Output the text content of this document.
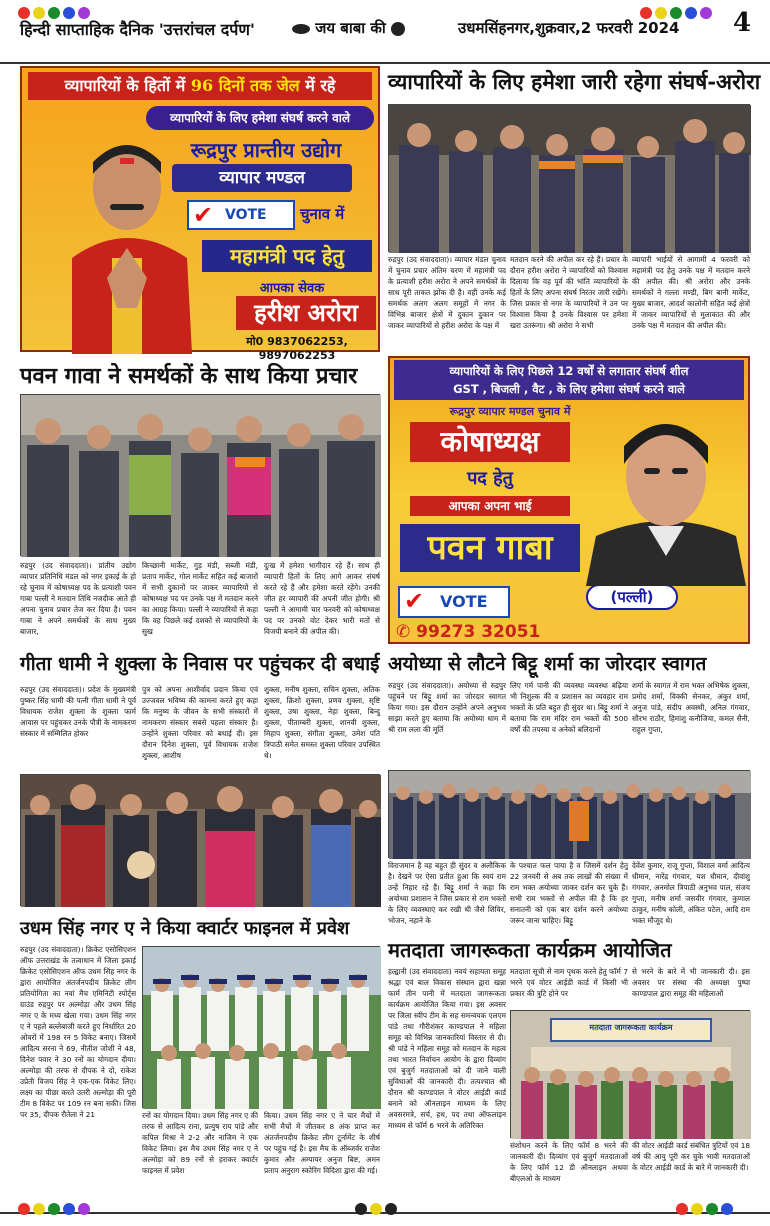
हिन्दी साप्ताहिक दैनिक 'उत्तरांचल दर्पण'	जय बाबा की	उधमसिंहनगर,शुक्रवार,2 फरवरी 2024 4
व्यापारियों के हितों में 96 दिनों तक जेल में रहे
व्यापारियों के लिए हमेशा संघर्ष करने वाले
रूद्रपुर प्रान्तीय उद्योग
व्यापार मण्डल
✔ VOTE	चुनाव में
महामंत्री पद हेतु
आपका सेवक
हरीश अरोरा
मो0 9837062253, 9897062253
व्यापारियों के लिए हमेशा जारी रहेगा संघर्ष-अरोरा
रुद्रपुर (उद संवाददाता)। व्यापार मंडल चुनाव में चुनाव प्रचार अंतिम चरण में महामंत्री पद के प्रत्याशी हरीश अरोरा ने अपने समर्थकों के साथ पूरी ताकत झोंक दी है। वहीं उनके कई समर्थक अलग अलग समूहों में नगर के विभिन्न बाजार क्षेत्रों में दुकान दुकान पर जाकर व्यापारियों से हरीश अरोरा के पक्ष में
मतदान करने की अपील कर रहे हैं। प्रचार के दौरान हरीश अरोरा ने व्यापारियों को विश्वास दिलाया कि वह पूर्व की भांति व्यापारियों के हितों के लिए अपना संघर्ष निरंतर जारी रखेंगे। जिस प्रकार से नगर के व्यापारियों ने उन पर विश्वास किया है उनके विश्वास पर हमेशा खरा उतरूंगा। श्री अरोरा ने सभी
व्यापारी भाईयों से आगामी 4 फरवरी को महामंत्री पद हेतु उनके पक्ष में मतदान करने की अपील की। श्री अरोरा और उनके समर्थकों ने गल्ला मण्डी, बिग बानी मार्केट, मुख्य बाजार, आदर्श कालोनी सहित कई क्षेत्रों में जाकर व्यापारियों से मुलाकात की और उनके पक्ष में मतदान की अपील की।
पवन गावा ने समर्थकों के साथ किया प्रचार
रुद्रपुर (उद संवाददाता)। प्रांतीय उद्योग व्यापार प्रतिनिधि मंडल को नगर इकाई के हो रहे चुनाव में कोषाध्यक्ष पद के प्रत्याशी पवन गाबा पल्ली ने मतदान तिथि नजदीक आते ही अपना चुनाव प्रचार तेज कर दिया है। पवन गाबा ने अपने समर्थकों के साथ मुख्य बाजार,
किच्छानी मार्केट, गुड़ मंडी, सब्जी मंडी, प्रताप मार्केट, गोल मार्केट सहित कई बाजारों में सभी दुकानों पर जाकर व्यापारियों से कोषाध्यक्ष पद पर उनके पक्ष में मतदान करने का आग्रह किया। पल्ली ने व्यापारियों से कहा कि वह पिछले कई दशकों से व्यापारियों के सुख
दुःख में हमेशा भागीदार रहे हैं। साथ ही व्यापारी हितों के लिए आगे आकर संघर्ष करते रहे हैं और हमेशा करते रहेंगे। उनकी जीत हर व्यापारी की अपनी जीत होगी। श्री पल्ली ने आगामी चार फरवरी को कोषाध्यक्ष पद पर उनको वोट देकर भारी मतों से विजयी बनाने की अपील की।
व्यापारियों के लिए पिछले 12 वर्षों से लगातार संघर्ष शील
GST , बिजली , वैट , के लिए हमेशा संघर्ष करने वाले
रूद्रपुर व्यापार मण्डल चुनाव में
कोषाध्यक्ष
पद हेतु
आपका अपना भाई
पवन गाबा
✔ VOTE	(पल्ली)
✆ 99273 32051
गीता धामी ने शुक्ला के निवास पर पहुंचकर दी बधाई
रुद्रपुर (उद संवाददाता)। प्रदेश के मुख्यमंत्री पुष्कर सिंह धामी की पत्नी गीता धामी ने पूर्व विधायक राजेश शुक्ला के शुक्ला फार्म आवास पर पहुंचकर उनके पौत्री के नामकरण संस्कार में सम्मिलित होकर
पुत्र को अपना आशीर्वाद प्रदान किया एवं उज्जवल भविष्य की कामना करते हुए कहा कि मनुष्य के जीवन के सभी संस्कारों में नामकरण संस्कार सबसे पहला संस्कार है। उन्होंने शुक्ला परिवार को बधाई दी। इस दौरान दिनेश शुक्ला, पूर्व विधायक राजेश शुक्ला, आशीष
शुक्ला, मनीष शुक्ला, सचिन शुक्ला, अतिक शुक्ला, क्रिशो शुक्ला, प्रणव शुक्ला, सृष्टि शुक्ला, उषा शुक्ला, नेहा शुक्ला, बिन्दु शुक्ला, पीताम्बरी शुक्ला, शानवी शुक्ला, मिहाप शुक्ला, संगीता शुक्ला, उमेश पति त्रिपाठी समेत समस्त शुक्ला परिवार उपस्थित थे।
अयोध्या से लौटने बिट्टू शर्मा का जोरदार स्वागत
रुद्रपुर (उद संवाददाता)। अयोध्या से रुद्रपुर पहुंचने पर बिट्टू शर्मा का जोरदार स्वागत किया गया। इस दौरान उन्होंने अपने अनुभव साझा करते हुए बताया कि अयोध्या धाम में श्री राम लला की मूर्ति
लिए गर्म पानी की व्यवस्था व्यवस्था बढ़िया भी निशुल्क की व प्रशासन का व्यवहार राम भक्तों के प्रति बहुत ही सुंदर था। बिट्टू शर्मा ने बताया कि राम मंदिर राम भक्तों की 500 वर्षों की तपस्या व अनेकों बलिदानों
शर्मा के स्वागत में राम भक्त अभिषेक शुक्ला, प्रमोद शर्मा, विक्की सेनकर, अंकुर शर्मा, अनुज पांडे, संदीप अवस्थी, अनिल गंगवार, सौरभ राठौर, हिमांशु कनौजिया, कमल सैनी, राहुल गुप्ता,
विराजमान है वह बहुत ही सुंदर व अलौकिक है। देखने पर ऐसा प्रतीत हुआ कि स्वयं राम उन्हें निहार रहे हैं। बिट्टू शर्मा ने कहा कि अयोध्या प्रशासन ने जिस प्रकार से राम भक्तों के लिए व्यवस्थाएं कर रखी थी जैसे शिविर, भोजन, नहाने के
के पश्चात फल पाया है व जिसमें दर्शन हेतु 22 जनवरी से अब तक लाखों की संख्या में राम भक्त अयोध्या जाकर दर्शन कर चुके हैं। सभी राम भक्तों से अपील की है कि हर सनातनी को एक बार दर्शन करने अयोध्या जरूर जाना चाहिए। बिट्टू
देवेंश कुमार, राजू गुप्ता, विशाल वर्मा आदित्य धीमान, नारेंद्र गंगवार, यश धीमान, दीवांशु गंगवार, अनमोल त्रिपाठी अनुभव पाल, संजय गुप्ता, मनीष शर्मा जसवीर गंगवार, कुणाल ठाकुर, मनीष कोली, अंकित पटेल, आदि राम भक्त मौजूद थे।
उधम सिंह नगर ए ने किया क्वार्टर फाइनल में प्रवेश
रुद्रपुर (उद संवाददाता)। क्रिकेट एसोसिएशन ऑफ उत्तराखंड के तत्वाधान में जिला इकाई क्रिकेट एसोसिएशन ऑफ उधम सिंह नगर के द्वारा आयोजित अंतर्जनपदीय क्रिकेट लीग प्रतियोगिता का नवां मैच एमिनिटी स्पोर्ट्स ग्राउंड रुद्रपुर पर अल्मोड़ा और उधम सिंह नगर ए के मध्य खेला गया। उधम सिंह नगर ए ने पहले बल्लेबाजी करते हुए निर्धारित 20 ओवरों में 198 रन 5 विकेट बनाए। जिसमें आदित्य सरना ने 69, नीतीश जोशी ने 48, दिनेश पवार ने 30 रनों का योगदान दीया। अल्मोड़ा की तरफ से दीपक ने दो, राकेश उप्रेती विजय सिंह ने एक-एक विकेट लिए। लक्ष्य का पीछा करते उतरी अल्मोड़ा की पूरी टीम 8 विकेट पर 109 रन बना सकी। जिस पर 35, दीपक रौतेला ने 21	रनों का योगदान दिया। उधम सिंह नगर ए की तरफ से आदित्य राना, प्रत्युष राय पांडे और कपिल मिश्रा ने 2-2 और नाजिम ने एक विकेट लिया। इस मैच उधम सिंह नगर ए ने अल्मोड़ा को 89 रनों से हराकर क्वार्टर फाइनल में प्रवेश
किया। उधम सिंह नगर ए ने चार मैचों में सभी मैचों में जीतकर 8 अंक प्राप्त कर अंतर्जनपदीय क्रिकेट लीग टूर्नामेंट के शीर्ष पर पहुंच गई है। इस मैच के ऑब्जर्वर राजेश कुमार और अम्पायर अनुज बिष्ट, अमन प्रताप अनुराग स्कोरिंग विदिशा द्वारा की गई।
मतदाता जागरूकता कार्यक्रम आयोजित
हल्द्वानी (उद संवाददाता) नवयं सहायता समूह श्रद्धा एवं बाल विकास संस्थान द्वारा खन्ना फार्म तीन पानी में मतदाता जागरूकता कार्यक्रम आयोजित किया गया। इस अवसर पर जिला स्वीप टीम के सह समन्वयक एलएम पांडे तथा गौरीशंकर काण्डपाल ने महिला समूह को विभिन्न जानकारियां विस्तार से दी। श्री पांडे ने महिला समूह को मतदान के महत्व तथा भारत निर्वाचन आयोग के द्वारा दिव्यांग एवं बुजुर्ग मतदाताओं को दी जाने वाली सुविधाओं की जानकारी दी। तत्पश्चात श्री दौरान श्री काण्डपाल ने वोटर आईडी कार्ड बनाने को ऑनलाइन माध्यम के लिए अवसरमत्रे, सर्च, हथ, पद तथा ऑफलाइन माध्यम से फॉर्म 6 भरने के अतिरिक्त
मतदाता सूची से नाम पृथक करने हेतु फॉर्म 7 भरने एवं वोटर आईडी कार्ड में किसी भी प्रकार की त्रुटि होने पर
से भरने के बारे में भी जानकारी दी। इस अवसर पर संस्था की अध्यक्षा पुष्पा काण्डपाल द्वारा समूह की महिलाओं
मतदाता जागरूकता कार्यक्रम
संशोधन करने के लिए फॉर्म 8 भरने की जानकारी दी। दिव्यांग एवं बुजुर्ग मतदाताओं के लिए फॉर्म 12 डी ऑनलाइन अथवा बीएलओ के माध्यम
की वोटर आईडी कार्ड संबंधित त्रुटियों एवं 18 वर्ष की आयु पूरी कर चुके भावी मतदाताओं के वोटर आईडी कार्ड के बारे में जानकारी दी।
